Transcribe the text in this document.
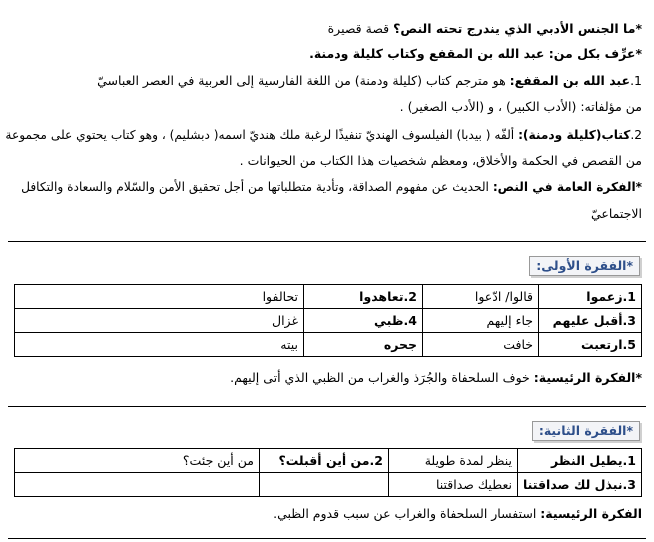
*ما الجنس الأدبي الذي يندرج تحته النص؟ قصة قصيرة
*عرِّف بكل من: عبد الله بن المقفع وكتاب كليلة ودمنة.
1.عبد الله بن المقفع: هو مترجم كتاب (كليلة ودمنة) من اللغة الفارسية إلى العربية في العصر العباسيّ
من مؤلفاته: (الأدب الكبير) ، و (الأدب الصغير) .
2.كتاب(كليلة ودمنة): ألفّه ( بيدبا) الفيلسوف الهنديّ تنفيذًا لرغبة ملك هنديّ اسمه( دبشليم) ، وهو كتاب يحتوي على مجموعة
من القصص في الحكمة والأخلاق، ومعظم شخصيات هذا الكتاب من الحيوانات .
*الفكرة العامة في النص: الحديث عن مفهوم الصداقة، وتأدية متطلباتها من أجل تحقيق الأمن والسّلام والسعادة والتكافل
الاجتماعيّ
*الفقرة الأولى:
1.زعموا	قالوا/ ادّعوا	2.تعاهدوا	تحالفوا
3.أقبل عليهم	جاء إليهم	4.ظبي	غزال
5.ارتعبت	خافت	جحره	بيته
*الفكرة الرئيسية: خوف السلحفاة والجُرَذ والغراب من الظبي الذي أتى إليهم.
*الفقرة الثانية:
1.يطيل النظر	ينظر لمدة طويلة	2.من أين أقبلت؟	من أين جئت؟
3.نبذل لك صداقتنا	نعطيك صداقتنا		
الفكرة الرئيسية: استفسار السلحفاة والغراب عن سبب قدوم الظبي.
